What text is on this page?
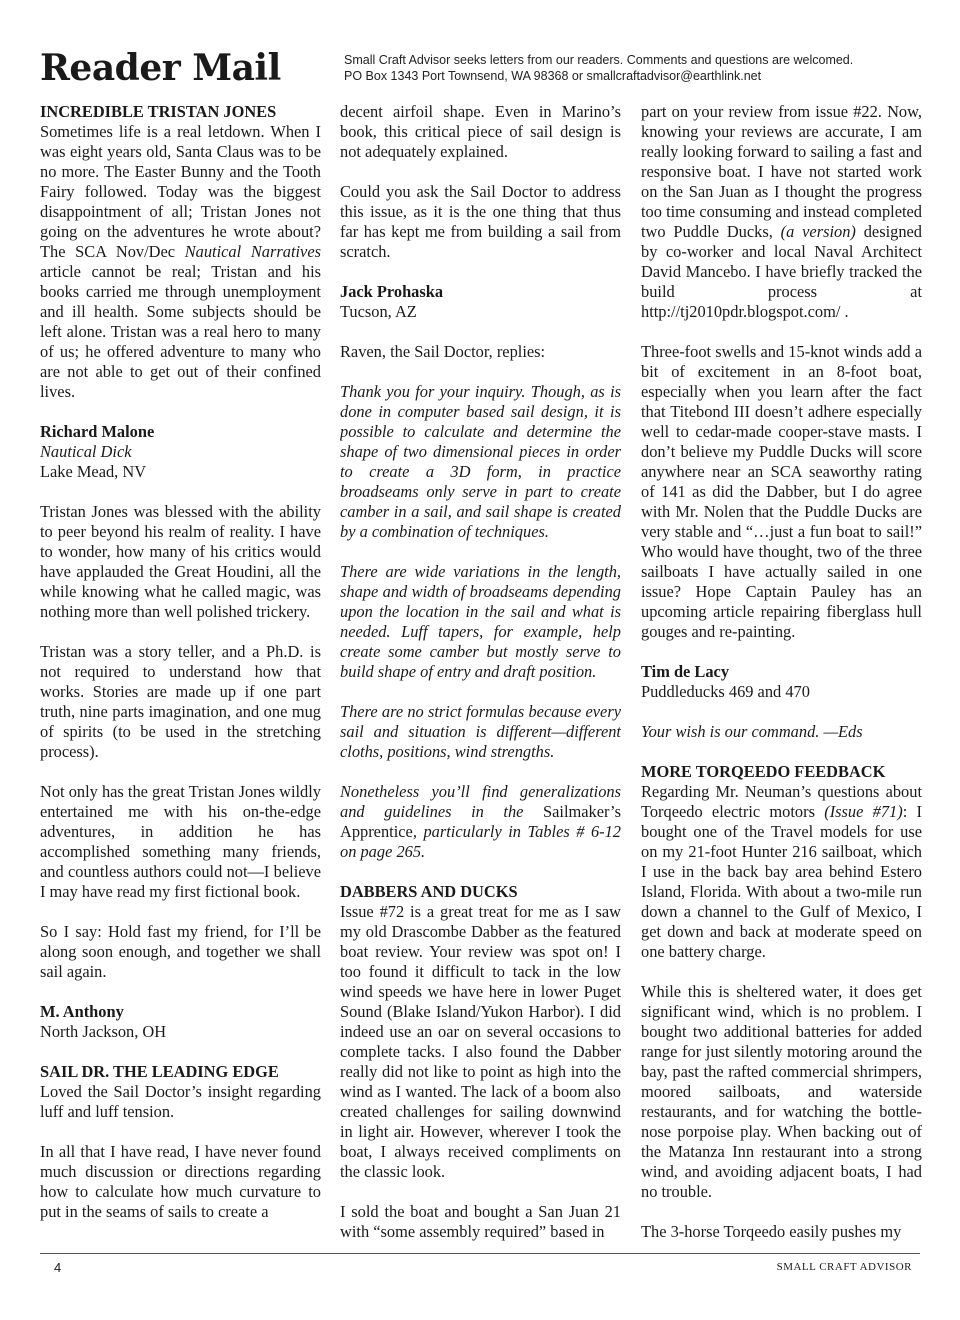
Reader Mail	Small Craft Advisor seeks letters from our readers. Comments and questions are welcomed.
PO Box 1343 Port Townsend, WA 98368 or smallcraftadvisor@earthlink.net
INCREDIBLE TRISTAN JONES

Sometimes life is a real letdown. When I was eight years old, Santa Claus was to be no more. The Easter Bunny and the Tooth Fairy followed. Today was the biggest disappointment of all; Tristan Jones not going on the adventures he wrote about? The SCA Nov/Dec Nautical Narratives article cannot be real; Tristan and his books carried me through unemployment and ill health. Some subjects should be left alone. Tristan was a real hero to many of us; he offered adventure to many who are not able to get out of their confined lives.

Richard Malone
Nautical Dick
Lake Mead, NV

Tristan Jones was blessed with the ability to peer beyond his realm of reality. I have to wonder, how many of his critics would have applauded the Great Houdini, all the while knowing what he called magic, was nothing more than well polished trickery.

Tristan was a story teller, and a Ph.D. is not required to understand how that works. Stories are made up if one part truth, nine parts imagination, and one mug of spirits (to be used in the stretching process).

Not only has the great Tristan Jones wildly entertained me with his on-the-edge adventures, in addition he has accomplished something many friends, and countless authors could not—I believe I may have read my first fictional book.

So I say: Hold fast my friend, for I’ll be along soon enough, and together we shall sail again.

M. Anthony
North Jackson, OH
SAIL DR. THE LEADING EDGE

Loved the Sail Doctor’s insight regarding luff and luff tension.

In all that I have read, I have never found much discussion or directions regarding how to calculate how much curvature to put in the seams of sails to create a

decent airfoil shape. Even in Marino’s book, this critical piece of sail design is not adequately explained.

Could you ask the Sail Doctor to address this issue, as it is the one thing that thus far has kept me from building a sail from scratch.

Jack Prohaska
Tucson, AZ

Raven, the Sail Doctor, replies:

Thank you for your inquiry. Though, as is done in computer based sail design, it is possible to calculate and determine the shape of two dimensional pieces in order to create a 3D form, in practice broadseams only serve in part to create camber in a sail, and sail shape is created by a combination of techniques.

There are wide variations in the length, shape and width of broadseams depending upon the location in the sail and what is needed. Luff tapers, for example, help create some camber but mostly serve to build shape of entry and draft position.

There are no strict formulas because every sail and situation is different—different cloths, positions, wind strengths.

Nonetheless you’ll find generalizations and guidelines in the Sailmaker’s Apprentice, particularly in Tables # 6-12 on page 265.

DABBERS AND DUCKS

Issue #72 is a great treat for me as I saw my old Drascombe Dabber as the featured boat review. Your review was spot on! I too found it difficult to tack in the low wind speeds we have here in lower Puget Sound (Blake Island/Yukon Harbor). I did indeed use an oar on several occasions to complete tacks. I also found the Dabber really did not like to point as high into the wind as I wanted. The lack of a boom also created challenges for sailing downwind in light air. However, wherever I took the boat, I always received compliments on the classic look.

I sold the boat and bought a San Juan 21 with “some assembly required” based in

part on your review from issue #22. Now, knowing your reviews are accurate, I am really looking forward to sailing a fast and responsive boat. I have not started work on the San Juan as I thought the progress too time consuming and instead completed two Puddle Ducks, (a version) designed by co-worker and local Naval Architect David Mancebo. I have briefly tracked the build process at http://tj2010pdr.blogspot.com/ .

Three-foot swells and 15-knot winds add a bit of excitement in an 8-foot boat, especially when you learn after the fact that Titebond III doesn’t adhere especially well to cedar-made cooper-stave masts. I don’t believe my Puddle Ducks will score anywhere near an SCA seaworthy rating of 141 as did the Dabber, but I do agree with Mr. Nolen that the Puddle Ducks are very stable and “…just a fun boat to sail!” Who would have thought, two of the three sailboats I have actually sailed in one issue? Hope Captain Pauley has an upcoming article repairing fiberglass hull gouges and re-painting.

Tim de Lacy
Puddleducks 469 and 470

Your wish is our command. —Eds

MORE TORQEEDO FEEDBACK

Regarding Mr. Neuman’s questions about Torqeedo electric motors (Issue #71): I bought one of the Travel models for use on my 21-foot Hunter 216 sailboat, which I use in the back bay area behind Estero Island, Florida. With about a two-mile run down a channel to the Gulf of Mexico, I get down and back at moderate speed on one battery charge.

While this is sheltered water, it does get significant wind, which is no problem. I bought two additional batteries for added range for just silently motoring around the bay, past the rafted commercial shrimpers, moored sailboats, and waterside restaurants, and for watching the bottle-nose porpoise play. When backing out of the Matanza Inn restaurant into a strong wind, and avoiding adjacent boats, I had no trouble.

The 3-horse Torqeedo easily pushes my

4	SMALL CRAFT ADVISOR
